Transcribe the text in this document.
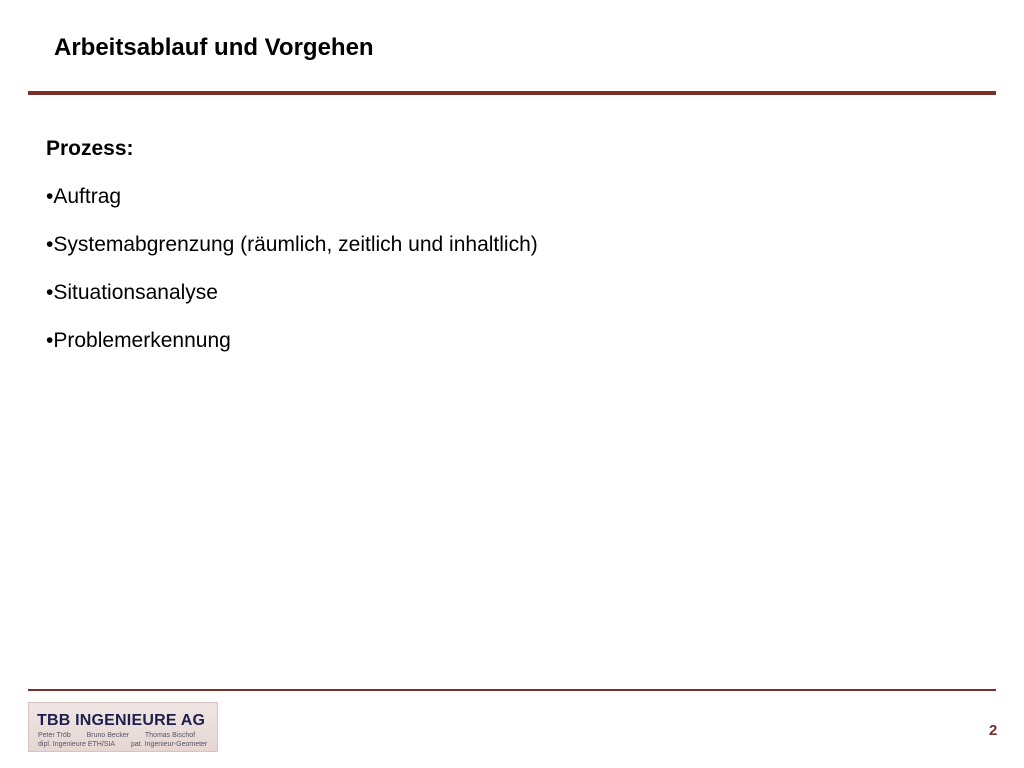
Arbeitsablauf und Vorgehen
Prozess:
•Auftrag
•Systemabgrenzung (räumlich, zeitlich und inhaltlich)
•Situationsanalyse
•Problemerkennung
TBB INGENIEURE AG
Peter Tröb Bruno Becker Thomas Bischof
dipl. Ingenieure ETH/SIA pat. Ingenieur-Geometer
2
